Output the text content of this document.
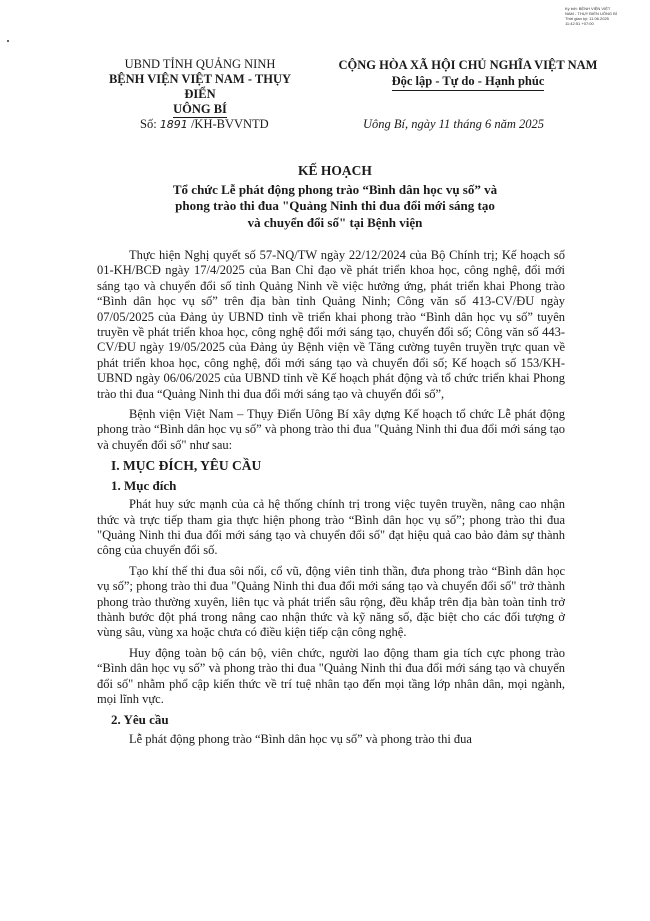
Ký bởi: BỆNH VIỆN VIỆT
NAM - THỤY ĐIỂN UÔNG BÍ
Thời gian ký: 11.06.2025
11:42:51 +07:00
UBND TỈNH QUẢNG NINH
BỆNH VIỆN VIỆT NAM - THỤY ĐIỂN
UÔNG BÍ
CỘNG HÒA XÃ HỘI CHỦ NGHĨA VIỆT NAM
Độc lập - Tự do - Hạnh phúc
Số: 1891 /KH-BVVNTD	Uông Bí, ngày 11 tháng 6 năm 2025
KẾ HOẠCH
Tổ chức Lễ phát động phong trào “Bình dân học vụ số” và
phong trào thi đua "Quảng Ninh thi đua đổi mới sáng tạo
và chuyển đổi số" tại Bệnh viện

Thực hiện Nghị quyết số 57-NQ/TW ngày 22/12/2024 của Bộ Chính trị; Kế hoạch số 01-KH/BCĐ ngày 17/4/2025 của Ban Chỉ đạo về phát triển khoa học, công nghệ, đổi mới sáng tạo và chuyển đổi số tỉnh Quảng Ninh về việc hưởng ứng, phát triển khai Phong trào “Bình dân học vụ số” trên địa bàn tỉnh Quảng Ninh; Công văn số 413-CV/ĐU ngày 07/05/2025 của Đảng ủy UBND tỉnh về triển khai phong trào “Bình dân học vụ số” tuyên truyền về phát triển khoa học, công nghệ đổi mới sáng tạo, chuyển đổi số; Công văn số 443-CV/ĐU ngày 19/05/2025 của Đảng ủy Bệnh viện về Tăng cường tuyên truyền trực quan về phát triển khoa học, công nghệ, đổi mới sáng tạo và chuyển đổi số; Kế hoạch số 153/KH-UBND ngày 06/06/2025 của UBND tỉnh về Kế hoạch phát động và tổ chức triển khai Phong trào thi đua “Quảng Ninh thi đua đổi mới sáng tạo và chuyển đổi số”,

Bệnh viện Việt Nam – Thụy Điển Uông Bí xây dựng Kế hoạch tổ chức Lễ phát động phong trào “Bình dân học vụ số” và phong trào thi đua "Quảng Ninh thi đua đổi mới sáng tạo và chuyển đổi số" như sau:

I. MỤC ĐÍCH, YÊU CẦU
1. Mục đích

Phát huy sức mạnh của cả hệ thống chính trị trong việc tuyên truyền, nâng cao nhận thức và trực tiếp tham gia thực hiện phong trào “Bình dân học vụ số”; phong trào thi đua "Quảng Ninh thi đua đổi mới sáng tạo và chuyển đổi số" đạt hiệu quả cao bảo đảm sự thành công của chuyển đổi số.

Tạo khí thế thi đua sôi nổi, cổ vũ, động viên tinh thần, đưa phong trào “Bình dân học vụ số”; phong trào thi đua "Quảng Ninh thi đua đổi mới sáng tạo và chuyển đổi số" trở thành phong trào thường xuyên, liên tục và phát triển sâu rộng, đều khắp trên địa bàn toàn tỉnh trở thành bước đột phá trong nâng cao nhận thức và kỹ năng số, đặc biệt cho các đối tượng ở vùng sâu, vùng xa hoặc chưa có điều kiện tiếp cận công nghệ.

Huy động toàn bộ cán bộ, viên chức, người lao động tham gia tích cực phong trào “Bình dân học vụ số” và phong trào thi đua "Quảng Ninh thi đua đổi mới sáng tạo và chuyển đổi số" nhằm phổ cập kiến thức về trí tuệ nhân tạo đến mọi tầng lớp nhân dân, mọi ngành, mọi lĩnh vực.

2. Yêu cầu

Lễ phát động phong trào “Bình dân học vụ số” và phong trào thi đua
